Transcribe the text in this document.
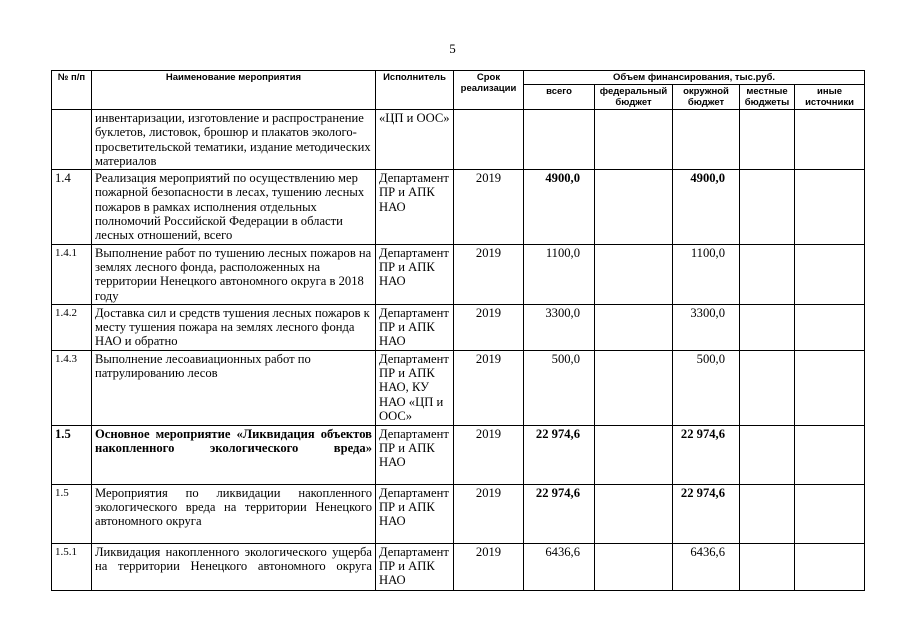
5
№ п/п	Наименование мероприятия	Исполнитель	Срок реализации	Объем финансирования, тыс.руб.				
				всего	федеральный бюджет	окружной бюджет	местные бюджеты	иные источники
	инвентаризации, изготовление и распространение буклетов, листовок, брошюр и плакатов эколого-просветительской тематики, издание методических материалов	«ЦП и ООС»						
1.4	Реализация мероприятий по осуществлению мер пожарной безопасности в лесах, тушению лесных пожаров в рамках исполнения отдельных полномочий Российской Федерации в области лесных отношений, всего	Департамент ПР и АПК НАО	2019	4900,0		4900,0		
1.4.1	Выполнение работ по тушению лесных пожаров на землях лесного фонда, расположенных на территории Ненецкого автономного округа в 2018 году	Департамент ПР и АПК НАО	2019	1100,0		1100,0		
1.4.2	Доставка сил и средств тушения лесных пожаров к месту тушения пожара на землях лесного фонда НАО и обратно	Департамент ПР и АПК НАО	2019	3300,0		3300,0		
1.4.3	Выполнение лесоавиационных работ по патрулированию лесов	Департамент ПР и АПК НАО, КУ НАО «ЦП и ООС»	2019	500,0		500,0		
1.5	Основное мероприятие «Ликвидация объектов накопленного экологического вреда»	Департамент ПР и АПК НАО	2019	22 974,6		22 974,6		
1.5	Мероприятия по ликвидации накопленного экологического вреда на территории Ненецкого автономного округа	Департамент ПР и АПК НАО	2019	22 974,6		22 974,6		
1.5.1	Ликвидация накопленного экологического ущерба на территории Ненецкого автономного округа	Департамент ПР и АПК НАО	2019	6436,6		6436,6		
